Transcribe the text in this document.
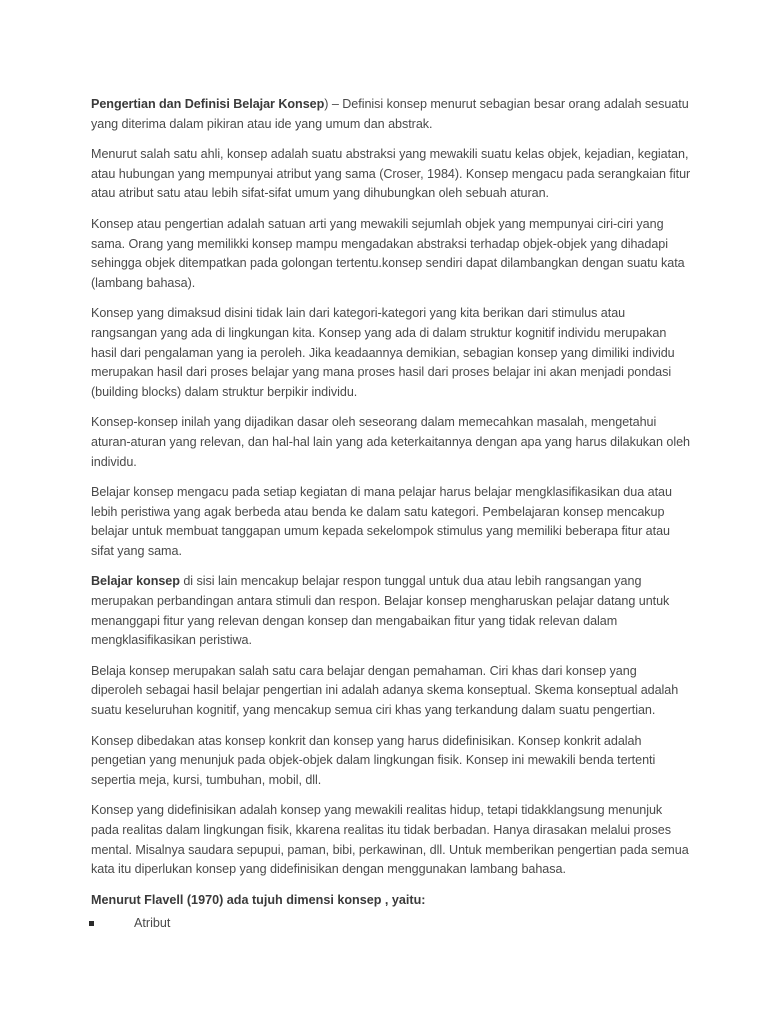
Pengertian dan Definisi Belajar Konsep) – Definisi konsep menurut sebagian besar orang adalah sesuatu yang diterima dalam pikiran atau ide yang umum dan abstrak.

Menurut salah satu ahli, konsep adalah suatu abstraksi yang mewakili suatu kelas objek, kejadian, kegiatan, atau hubungan yang mempunyai atribut yang sama (Croser, 1984). Konsep mengacu pada serangkaian fitur atau atribut satu atau lebih sifat-sifat umum yang dihubungkan oleh sebuah aturan.

Konsep atau pengertian adalah satuan arti yang mewakili sejumlah objek yang mempunyai ciri-ciri yang sama. Orang yang memilikki konsep mampu mengadakan abstraksi terhadap objek-objek yang dihadapi sehingga objek ditempatkan pada golongan tertentu.konsep sendiri dapat dilambangkan dengan suatu kata (lambang bahasa).

Konsep yang dimaksud disini tidak lain dari kategori-kategori yang kita berikan dari stimulus atau rangsangan yang ada di lingkungan kita. Konsep yang ada di dalam struktur kognitif individu merupakan hasil dari pengalaman yang ia peroleh. Jika keadaannya demikian, sebagian konsep yang dimiliki individu merupakan hasil dari proses belajar yang mana proses hasil dari proses belajar ini akan menjadi pondasi (building blocks) dalam struktur berpikir individu.

Konsep-konsep inilah yang dijadikan dasar oleh seseorang dalam memecahkan masalah, mengetahui aturan-aturan yang relevan, dan hal-hal lain yang ada keterkaitannya dengan apa yang harus dilakukan oleh individu.

Belajar konsep mengacu pada setiap kegiatan di mana pelajar harus belajar mengklasifikasikan dua atau lebih peristiwa yang agak berbeda atau benda ke dalam satu kategori. Pembelajaran konsep mencakup belajar untuk membuat tanggapan umum kepada sekelompok stimulus yang memiliki beberapa fitur atau sifat yang sama.

Belajar konsep di sisi lain mencakup belajar respon tunggal untuk dua atau lebih rangsangan yang merupakan perbandingan antara stimuli dan respon. Belajar konsep mengharuskan pelajar datang untuk menanggapi fitur yang relevan dengan konsep dan mengabaikan fitur yang tidak relevan dalam mengklasifikasikan peristiwa.

Belaja konsep merupakan salah satu cara belajar dengan pemahaman. Ciri khas dari konsep yang diperoleh sebagai hasil belajar pengertian ini adalah adanya skema konseptual. Skema konseptual adalah suatu keseluruhan kognitif, yang mencakup semua ciri khas yang terkandung dalam suatu pengertian.

Konsep dibedakan atas konsep konkrit dan konsep yang harus didefinisikan. Konsep konkrit adalah pengetian yang menunjuk pada objek-objek dalam lingkungan fisik. Konsep ini mewakili benda tertenti sepertia meja, kursi, tumbuhan, mobil, dll.

Konsep yang didefinisikan adalah konsep yang mewakili realitas hidup, tetapi tidakklangsung menunjuk pada realitas dalam lingkungan fisik, kkarena realitas itu tidak berbadan. Hanya dirasakan melalui proses mental. Misalnya saudara sepupui, paman, bibi, perkawinan, dll. Untuk memberikan pengertian pada semua kata itu diperlukan konsep yang didefinisikan dengan menggunakan lambang bahasa.

Menurut Flavell (1970) ada tujuh dimensi konsep , yaitu:

Atribut
